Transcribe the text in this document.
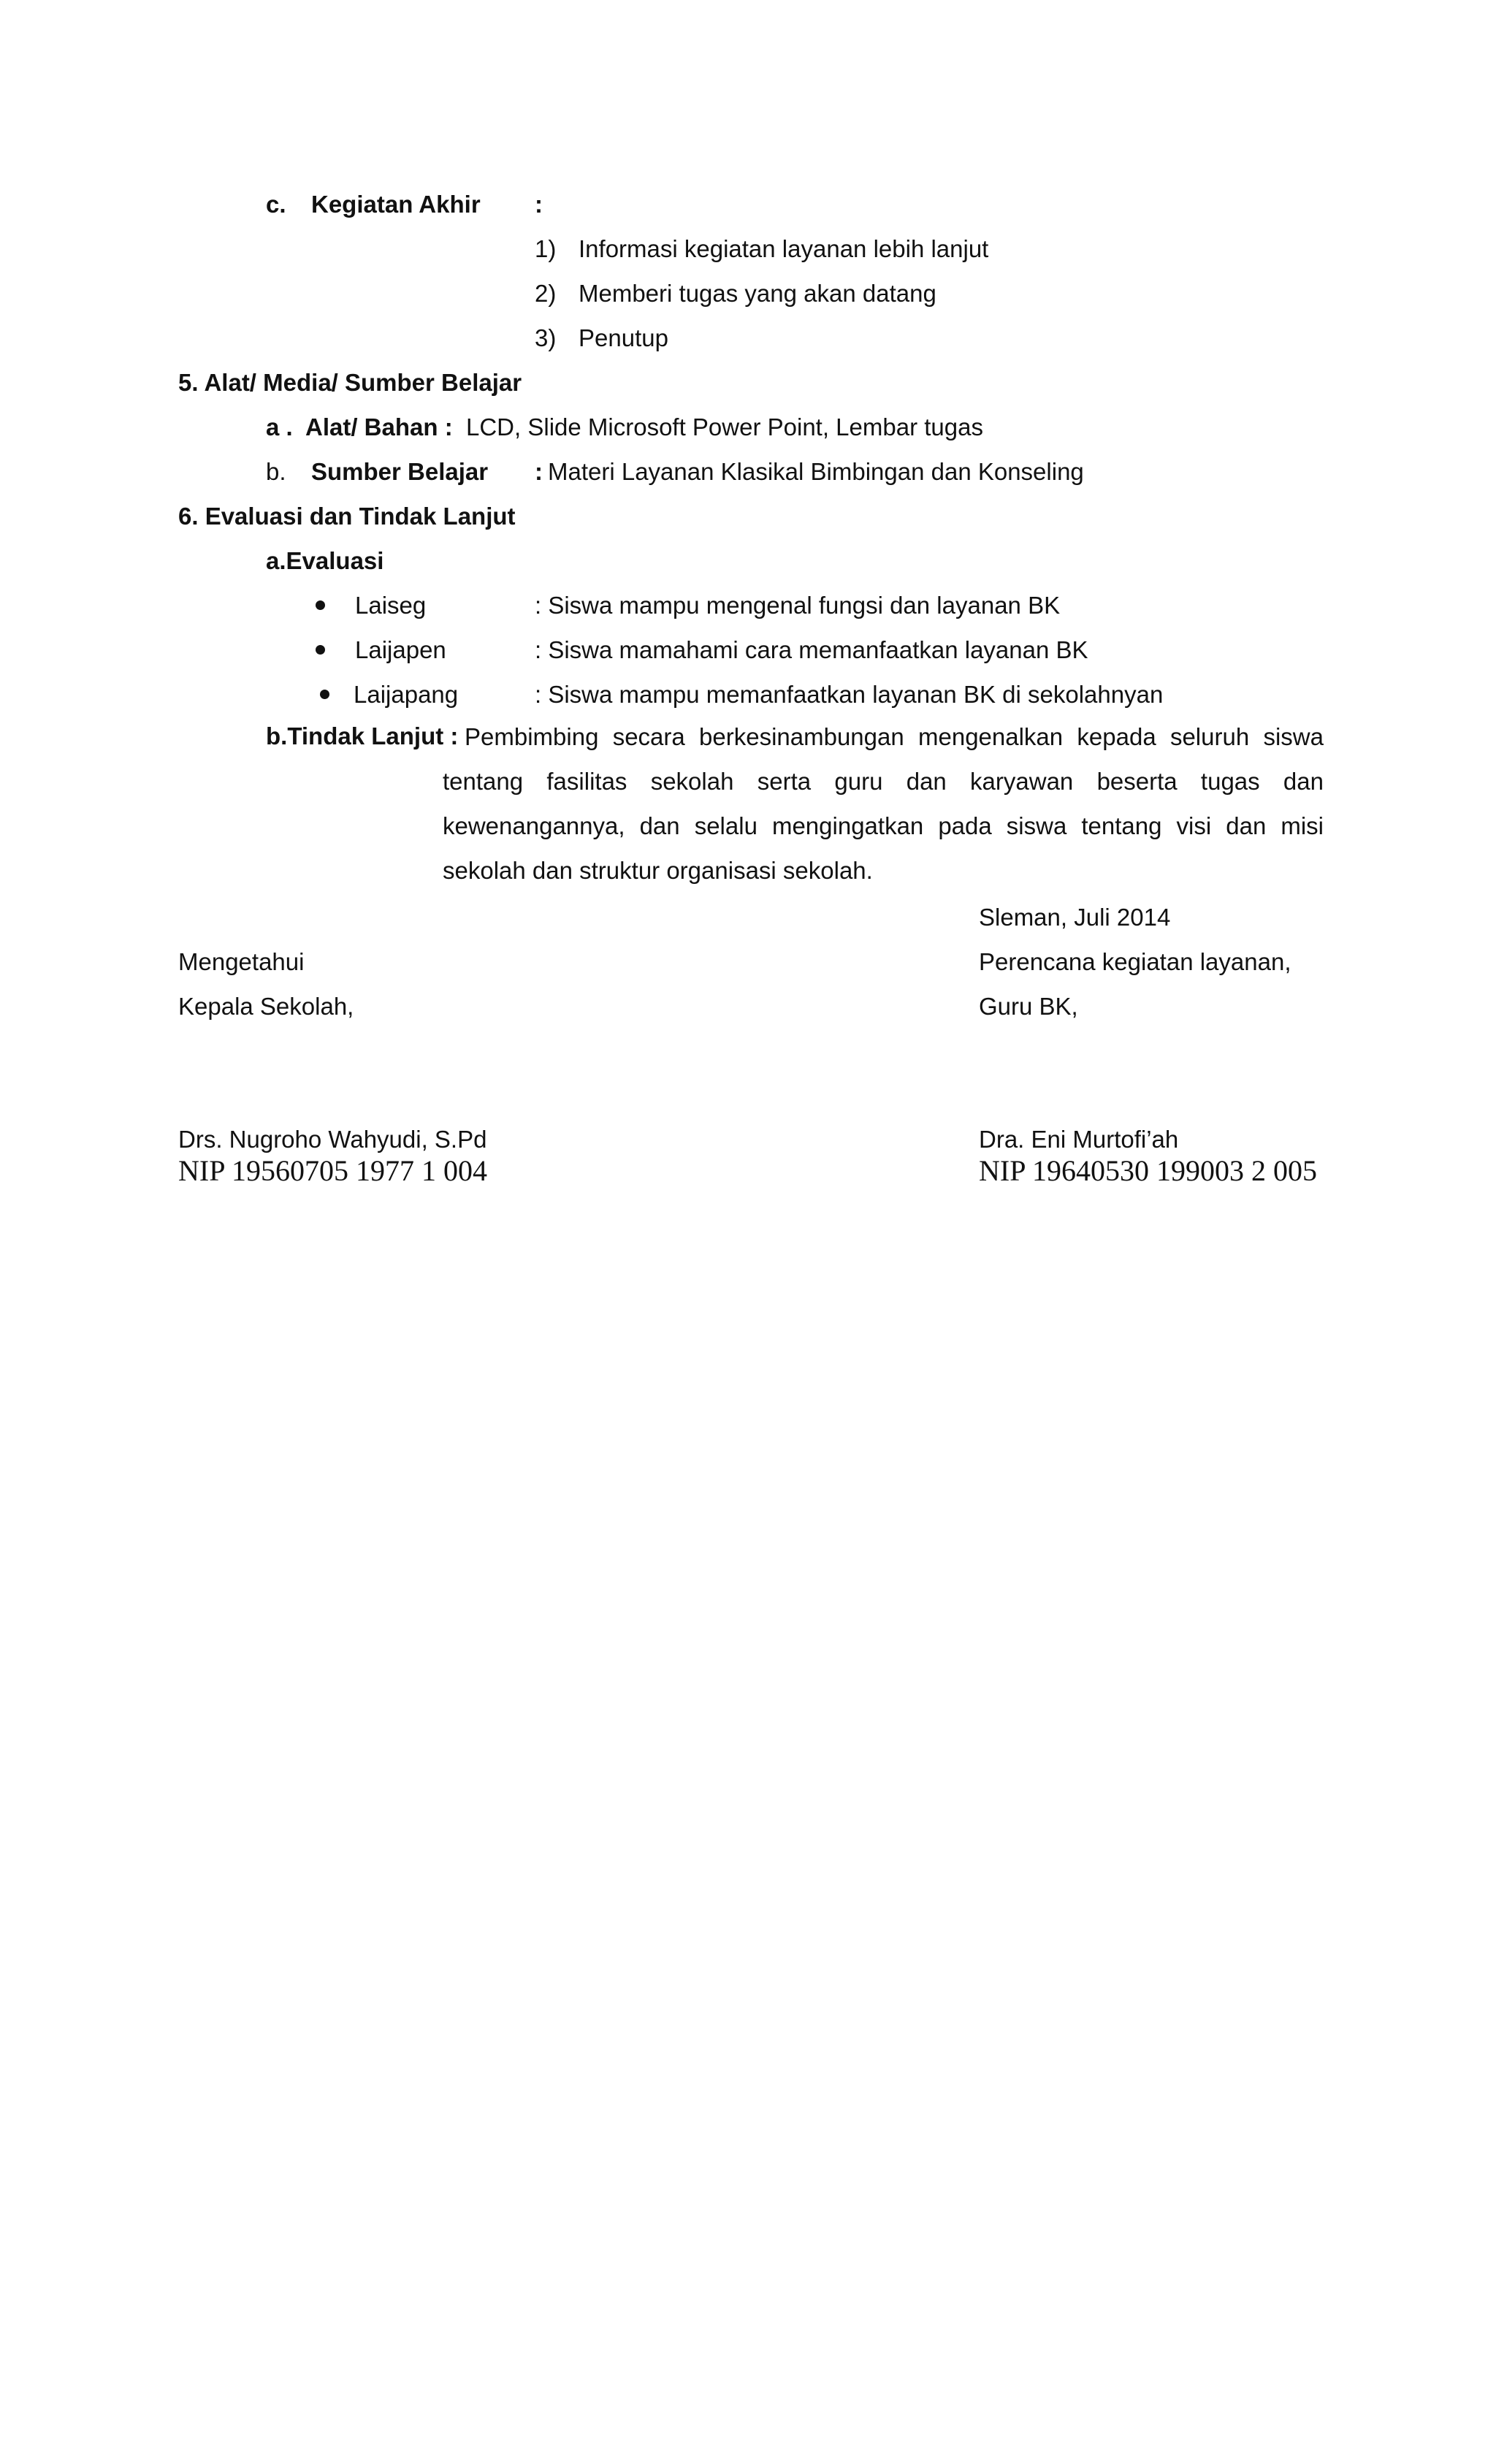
c. Kegiatan Akhir :
1) Informasi kegiatan layanan lebih lanjut
2) Memberi tugas yang akan datang
3) Penutup
5. Alat/ Media/ Sumber Belajar
a . Alat/ Bahan : LCD, Slide Microsoft Power Point, Lembar tugas
b. Sumber Belajar : Materi Layanan Klasikal Bimbingan dan Konseling
6. Evaluasi dan Tindak Lanjut
a.Evaluasi
Laiseg	: Siswa mampu mengenal fungsi dan layanan BK
Laijapen	: Siswa mamahami cara memanfaatkan layanan BK
Laijapang	: Siswa mampu memanfaatkan layanan BK di sekolahnyan
b.Tindak Lanjut : Pembimbing secara berkesinambungan mengenalkan kepada seluruh siswa tentang fasilitas sekolah serta guru dan karyawan beserta tugas dan kewenangannya, dan selalu mengingatkan pada siswa tentang visi dan misi sekolah dan struktur organisasi sekolah.
Sleman, Juli 2014
Mengetahui	Perencana kegiatan layanan,
Kepala Sekolah,	Guru BK,
Drs. Nugroho Wahyudi, S.Pd	Dra. Eni Murtofi’ah
NIP 19560705 1977 1 004	NIP 19640530 199003 2 005
